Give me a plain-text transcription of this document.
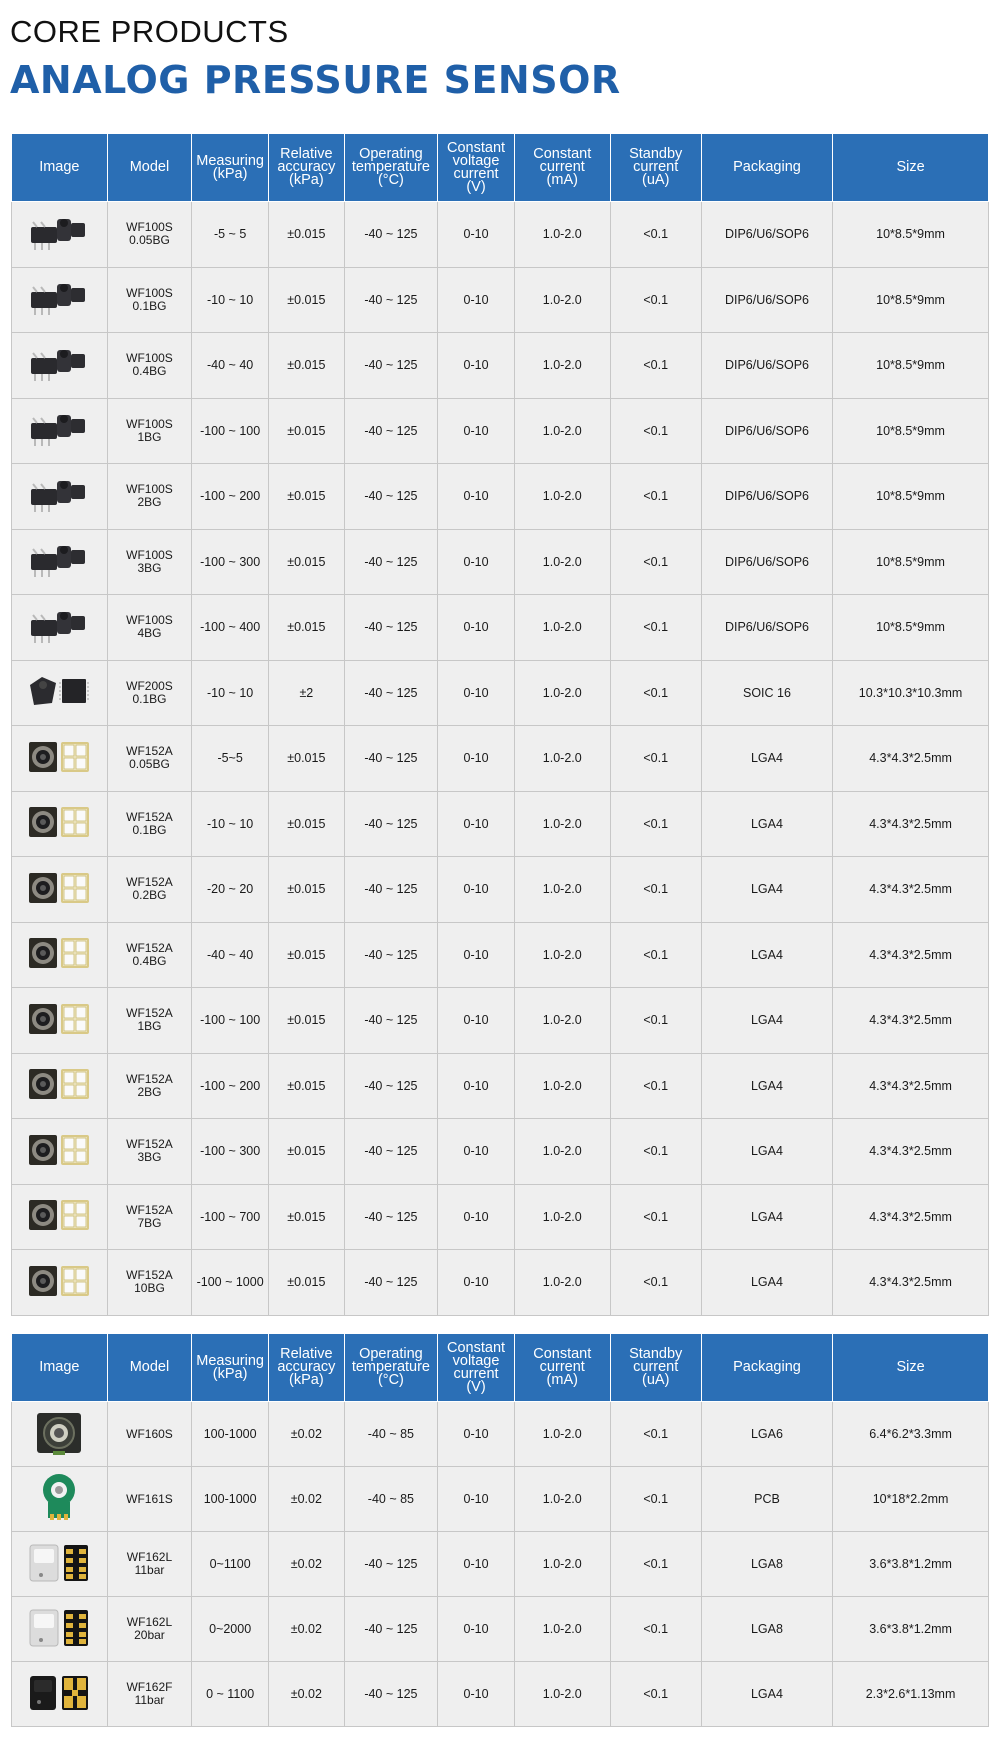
CORE PRODUCTS
ANALOG PRESSURE SENSOR
Image	Model	Measuring
(kPa)	Relative
accuracy
(kPa)	Operating
temperature
(°C)	Constant
voltage
current
(V)	Constant
current
(mA)	Standby
current
(uA)	Packaging	Size

WF100S
0.05BG	-5 ~ 5	±0.015	-40 ~ 125	0-10	1.0-2.0	<0.1	DIP6/U6/SOP6	10*8.5*9mm

WF100S
0.1BG	-10 ~ 10	±0.015	-40 ~ 125	0-10	1.0-2.0	<0.1	DIP6/U6/SOP6	10*8.5*9mm

WF100S
0.4BG	-40 ~ 40	±0.015	-40 ~ 125	0-10	1.0-2.0	<0.1	DIP6/U6/SOP6	10*8.5*9mm

WF100S
1BG	-100 ~ 100	±0.015	-40 ~ 125	0-10	1.0-2.0	<0.1	DIP6/U6/SOP6	10*8.5*9mm

WF100S
2BG	-100 ~ 200	±0.015	-40 ~ 125	0-10	1.0-2.0	<0.1	DIP6/U6/SOP6	10*8.5*9mm

WF100S
3BG	-100 ~ 300	±0.015	-40 ~ 125	0-10	1.0-2.0	<0.1	DIP6/U6/SOP6	10*8.5*9mm

WF100S
4BG	-100 ~ 400	±0.015	-40 ~ 125	0-10	1.0-2.0	<0.1	DIP6/U6/SOP6	10*8.5*9mm

WF200S
0.1BG	-10 ~ 10	±2	-40 ~ 125	0-10	1.0-2.0	<0.1	SOIC 16	10.3*10.3*10.3mm

WF152A
0.05BG	-5~5	±0.015	-40 ~ 125	0-10	1.0-2.0	<0.1	LGA4	4.3*4.3*2.5mm

WF152A
0.1BG	-10 ~ 10	±0.015	-40 ~ 125	0-10	1.0-2.0	<0.1	LGA4	4.3*4.3*2.5mm

WF152A
0.2BG	-20 ~ 20	±0.015	-40 ~ 125	0-10	1.0-2.0	<0.1	LGA4	4.3*4.3*2.5mm

WF152A
0.4BG	-40 ~ 40	±0.015	-40 ~ 125	0-10	1.0-2.0	<0.1	LGA4	4.3*4.3*2.5mm

WF152A
1BG	-100 ~ 100	±0.015	-40 ~ 125	0-10	1.0-2.0	<0.1	LGA4	4.3*4.3*2.5mm

WF152A
2BG	-100 ~ 200	±0.015	-40 ~ 125	0-10	1.0-2.0	<0.1	LGA4	4.3*4.3*2.5mm

WF152A
3BG	-100 ~ 300	±0.015	-40 ~ 125	0-10	1.0-2.0	<0.1	LGA4	4.3*4.3*2.5mm

WF152A
7BG	-100 ~ 700	±0.015	-40 ~ 125	0-10	1.0-2.0	<0.1	LGA4	4.3*4.3*2.5mm

WF152A
10BG	-100 ~ 1000	±0.015	-40 ~ 125	0-10	1.0-2.0	<0.1	LGA4	4.3*4.3*2.5mm
Image	Model	Measuring
(kPa)	Relative
accuracy
(kPa)	Operating
temperature
(°C)	Constant
voltage
current
(V)	Constant
current
(mA)	Standby
current
(uA)	Packaging	Size

WF160S	100-1000	±0.02	-40 ~ 85	0-10	1.0-2.0	<0.1	LGA6	6.4*6.2*3.3mm

WF161S	100-1000	±0.02	-40 ~ 85	0-10	1.0-2.0	<0.1	PCB	10*18*2.2mm

WF162L
11bar	0~1100	±0.02	-40 ~ 125	0-10	1.0-2.0	<0.1	LGA8	3.6*3.8*1.2mm

WF162L
20bar	0~2000	±0.02	-40 ~ 125	0-10	1.0-2.0	<0.1	LGA8	3.6*3.8*1.2mm

WF162F
11bar	0 ~ 1100	±0.02	-40 ~ 125	0-10	1.0-2.0	<0.1	LGA4	2.3*2.6*1.13mm
